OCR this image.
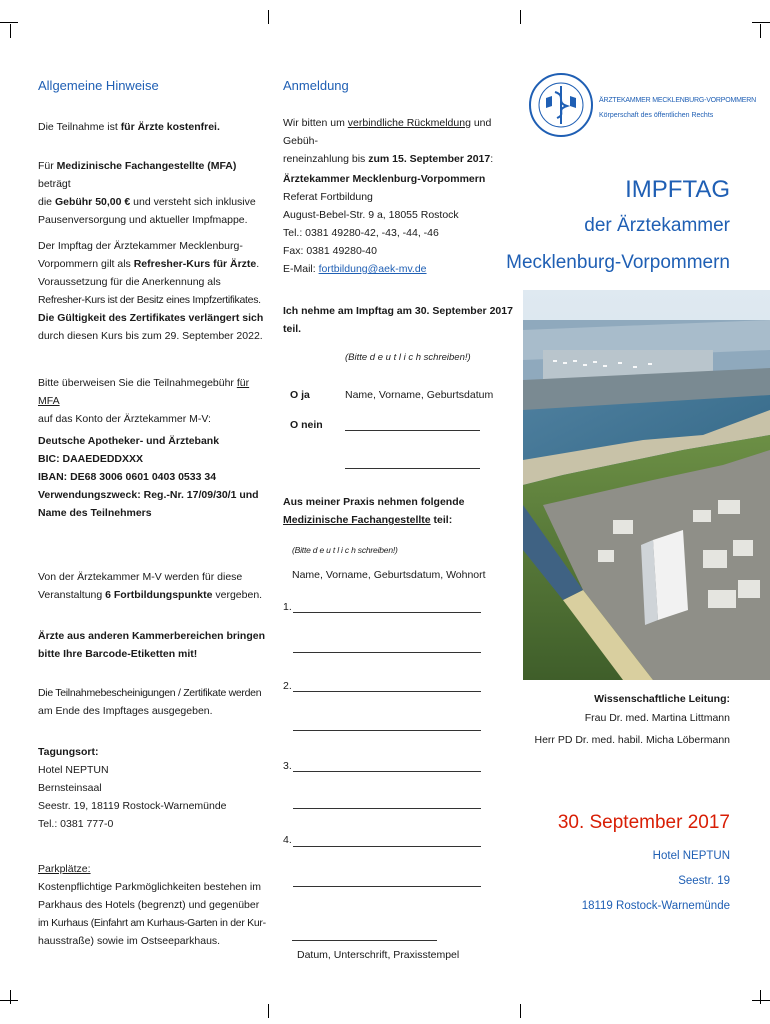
Allgemeine Hinweise
Die Teilnahme ist für Ärzte kostenfrei.
Für Medizinische Fachangestellte (MFA) beträgt
die Gebühr 50,00 € und versteht sich inklusive
Pausenversorgung und aktueller Impfmappe.
Der Impftag der Ärztekammer Mecklenburg-
Vorpommern gilt als Refresher-Kurs für Ärzte.
Voraussetzung für die Anerkennung als
Refresher-Kurs ist der Besitz eines Impfzertifikates.
Die Gültigkeit des Zertifikates verlängert sich
durch diesen Kurs bis zum 29. September 2022.
Bitte überweisen Sie die Teilnahmegebühr für MFA
auf das Konto der Ärztekammer M-V:
Deutsche Apotheker- und Ärztebank
BIC: DAAEDEDDXXX
IBAN: DE68 3006 0601 0403 0533 34
Verwendungszweck: Reg.-Nr. 17/09/30/1 und
Name des Teilnehmers
Von der Ärztekammer M-V werden für diese
Veranstaltung 6 Fortbildungspunkte vergeben.
Ärzte aus anderen Kammerbereichen bringen
bitte Ihre Barcode-Etiketten mit!
Die Teilnahmebescheinigungen / Zertifikate werden
am Ende des Impftages ausgegeben.
Tagungsort:
Hotel NEPTUN
Bernsteinsaal
Seestr. 19, 18119 Rostock-Warnemünde
Tel.: 0381 777-0
Parkplätze:
Kostenpflichtige Parkmöglichkeiten bestehen im
Parkhaus des Hotels (begrenzt) und gegenüber
im Kurhaus (Einfahrt am Kurhaus-Garten in der Kur-
hausstraße) sowie im Ostseeparkhaus.
Anmeldung
Wir bitten um verbindliche Rückmeldung und Gebüh-
reneinzahlung bis zum 15. September 2017:
Ärztekammer Mecklenburg-Vorpommern
Referat Fortbildung
August-Bebel-Str. 9 a, 18055 Rostock
Tel.: 0381 49280-42, -43, -44, -46
Fax: 0381 49280-40
E-Mail: fortbildung@aek-mv.de
Ich nehme am Impftag am 30. September 2017
teil.
(Bitte d e u t l i c h schreiben!)
O ja	Name, Vorname, Geburtsdatum
O nein
Aus meiner Praxis nehmen folgende
Medizinische Fachangestellte teil:
(Bitte d e u t l i c h schreiben!)
Name, Vorname, Geburtsdatum, Wohnort
1.
2.
3.
4.
Datum, Unterschrift, Praxisstempel
ÄRZTEKAMMER MECKLENBURG-VORPOMMERN
Körperschaft des öffentlichen Rechts
IMPFTAG
der Ärztekammer
Mecklenburg-Vorpommern
Wissenschaftliche Leitung:
Frau Dr. med. Martina Littmann
Herr PD Dr. med. habil. Micha Löbermann
30. September 2017
Hotel NEPTUN
Seestr. 19
18119 Rostock-Warnemünde
